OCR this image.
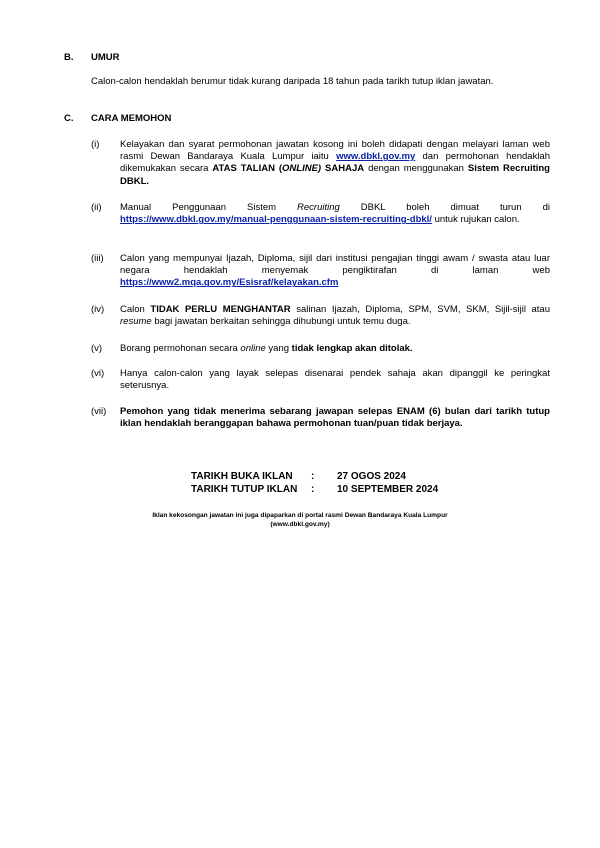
B. UMUR
Calon-calon hendaklah berumur tidak kurang daripada 18 tahun pada tarikh tutup iklan jawatan.
C. CARA MEMOHON
(i) Kelayakan dan syarat permohonan jawatan kosong ini boleh didapati dengan melayari laman web rasmi Dewan Bandaraya Kuala Lumpur iaitu www.dbkl.gov.my dan permohonan hendaklah dikemukakan secara ATAS TALIAN (ONLINE) SAHAJA dengan menggunakan Sistem Recruiting DBKL.
(ii) Manual Penggunaan Sistem Recruiting DBKL boleh dimuat turun di https://www.dbkl.gov.my/manual-penggunaan-sistem-recruiting-dbkl/ untuk rujukan calon.
(iii) Calon yang mempunyai Ijazah, Diploma, sijil dari institusi pengajian tinggi awam / swasta atau luar negara hendaklah menyemak pengiktirafan di laman web https://www2.mqa.gov.my/Esisraf/kelayakan.cfm
(iv) Calon TIDAK PERLU MENGHANTAR salinan Ijazah, Diploma, SPM, SVM, SKM, Sijil-sijil atau resume bagi jawatan berkaitan sehingga dihubungi untuk temu duga.
(v) Borang permohonan secara online yang tidak lengkap akan ditolak.
(vi) Hanya calon-calon yang layak selepas disenarai pendek sahaja akan dipanggil ke peringkat seterusnya.
(vii) Pemohon yang tidak menerima sebarang jawapan selepas ENAM (6) bulan dari tarikh tutup iklan hendaklah beranggapan bahawa permohonan tuan/puan tidak berjaya.
TARIKH BUKA IKLAN	:	27 OGOS 2024
TARIKH TUTUP IKLAN	:	10 SEPTEMBER 2024
Iklan kekosongan jawatan ini juga dipaparkan di portal rasmi Dewan Bandaraya Kuala Lumpur
(www.dbkl.gov.my)
